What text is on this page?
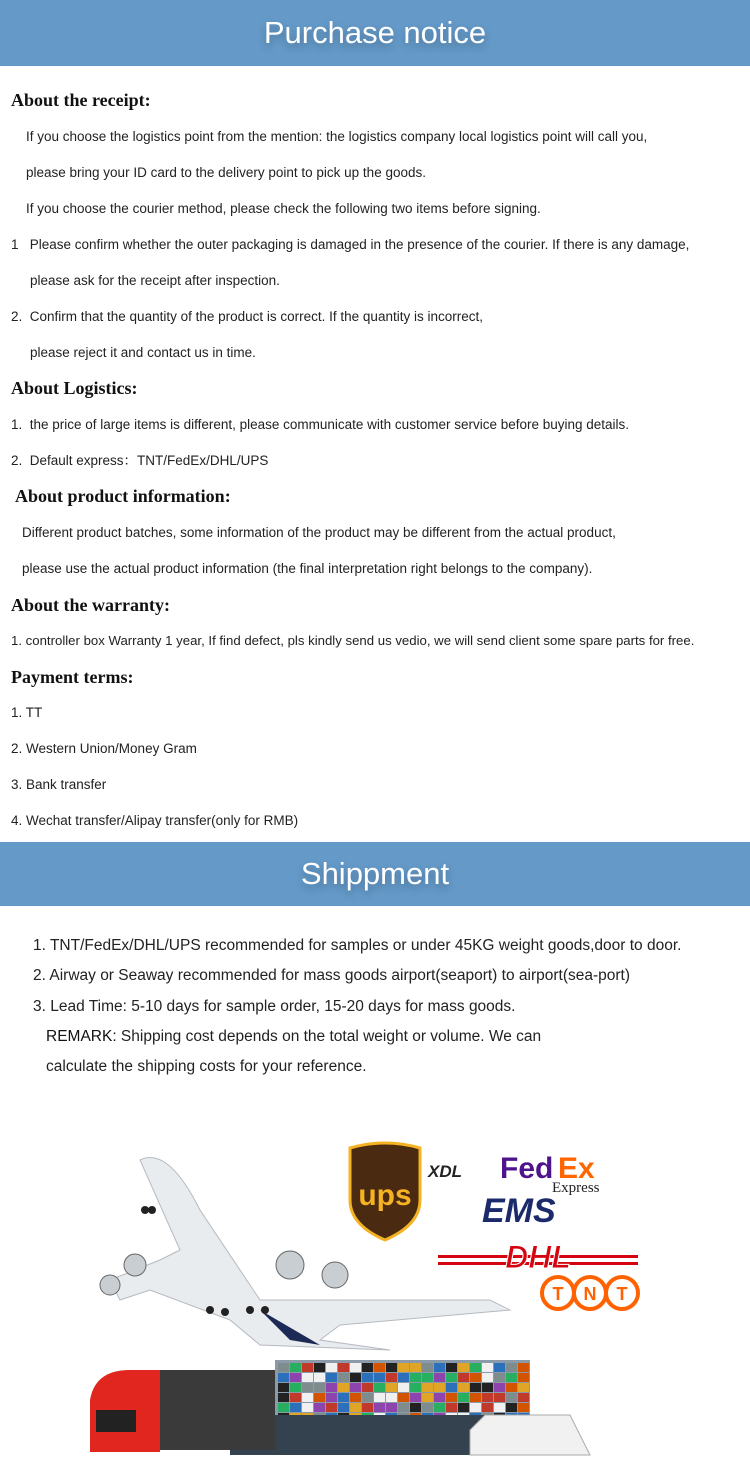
Purchase notice
About the receipt:
If you choose the logistics point from the mention: the logistics company local logistics point will call you,
please bring your ID card to the delivery point to pick up the goods.
If you choose the courier method, please check the following two items before signing.
1   Please confirm whether the outer packaging is damaged in the presence of the courier. If there is any damage,
please ask for the receipt after inspection.
2.  Confirm that the quantity of the product is correct. If the quantity is incorrect,
please reject it and contact us in time.
About Logistics:
1.  the price of large items is different, please communicate with customer service before buying details.
2.  Default express：TNT/FedEx/DHL/UPS
About product information:
Different product batches, some information of the product may be different from the actual product,
please use the actual product information (the final interpretation right belongs to the company).
About the warranty:
1. controller box Warranty 1 year, If find defect, pls kindly send us vedio, we will send client some spare parts for free.
Payment terms:
1. TT
2. Western Union/Money Gram
3. Bank transfer
4. Wechat transfer/Alipay transfer(only for RMB)
Shippment
1. TNT/FedEx/DHL/UPS recommended for samples or under 45KG weight goods,door to door.
2. Airway or Seaway recommended for mass goods airport(seaport) to airport(sea-port)
3. Lead Time: 5-10 days for sample order, 15-20 days for mass goods.
REMARK: Shipping cost depends on the total weight or volume. We can
calculate the shipping costs for your reference.
ups
XDL Fed Ex
Express
EMS
DHL
T N T
